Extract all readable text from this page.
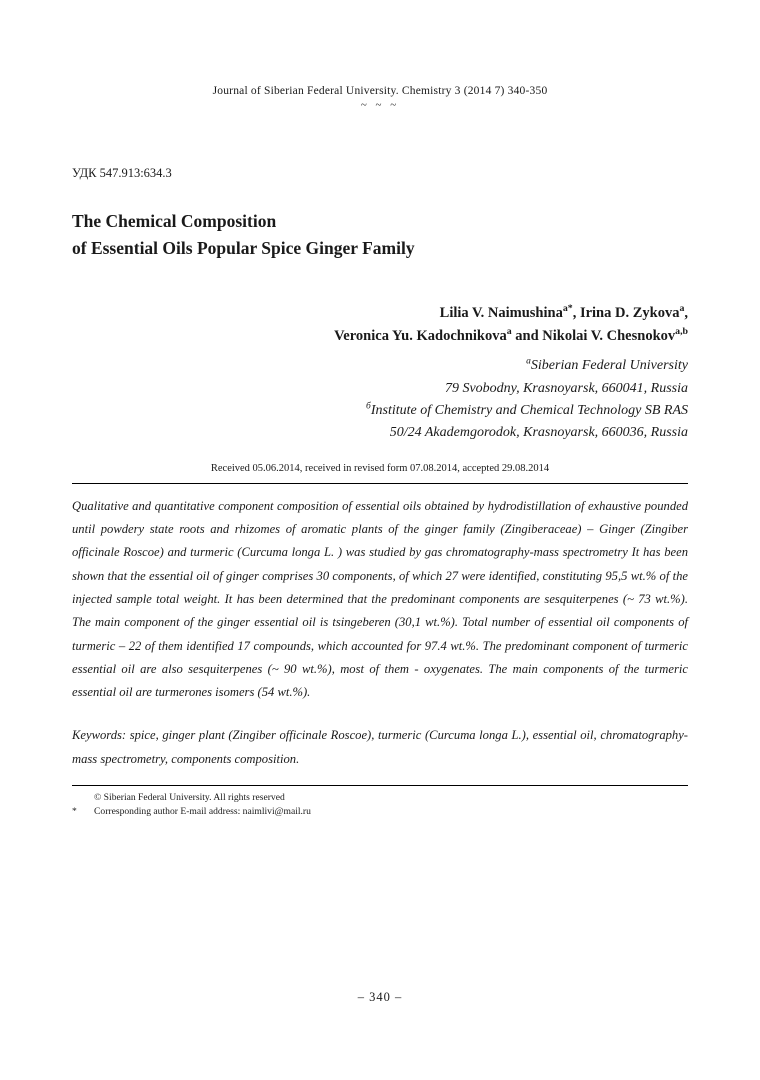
Journal of Siberian Federal University. Chemistry 3 (2014 7) 340-350
~ ~ ~
УДК 547.913:634.3
The Chemical Composition
of Essential Oils Popular Spice Ginger Family
Lilia V. Naimushina$^{a*}$, Irina D. Zykova$^a$,
Veronica Yu. Kadochnikova$^a$ and Nikolai V. Chesnokov$^{a,b}$
$^a$Siberian Federal University
79 Svobodny, Krasnoyarsk, 660041, Russia
$^б$Institute of Chemistry and Chemical Technology SB RAS
50/24 Akademgorodok, Krasnoyarsk, 660036, Russia
Received 05.06.2014, received in revised form 07.08.2014, accepted 29.08.2014
Qualitative and quantitative component composition of essential oils obtained by hydrodistillation of exhaustive pounded until powdery state roots and rhizomes of aromatic plants of the ginger family (Zingiberaceae) – Ginger (Zingiber officinale Roscoe) and turmeric (Curcuma longa L. ) was studied by gas chromatography-mass spectrometry It has been shown that the essential oil of ginger comprises 30 components, of which 27 were identified, constituting 95,5 wt.% of the injected sample total weight. It has been determined that the predominant components are sesquiterpenes (~ 73 wt.%). The main component of the ginger essential oil is tsingeberen (30,1 wt.%). Total number of essential oil components of turmeric – 22 of them identified 17 compounds, which accounted for 97.4 wt.%. The predominant component of turmeric essential oil are also sesquiterpenes (~ 90 wt.%), most of them - oxygenates. The main components of the turmeric essential oil are turmerones isomers (54 wt.%).
Keywords: spice, ginger plant (Zingiber officinale Roscoe), turmeric (Curcuma longa L.), essential oil, chromatography-mass spectrometry, components composition.
© Siberian Federal University. All rights reserved
*	Corresponding author E-mail address: naimlivi@mail.ru
– 340 –
